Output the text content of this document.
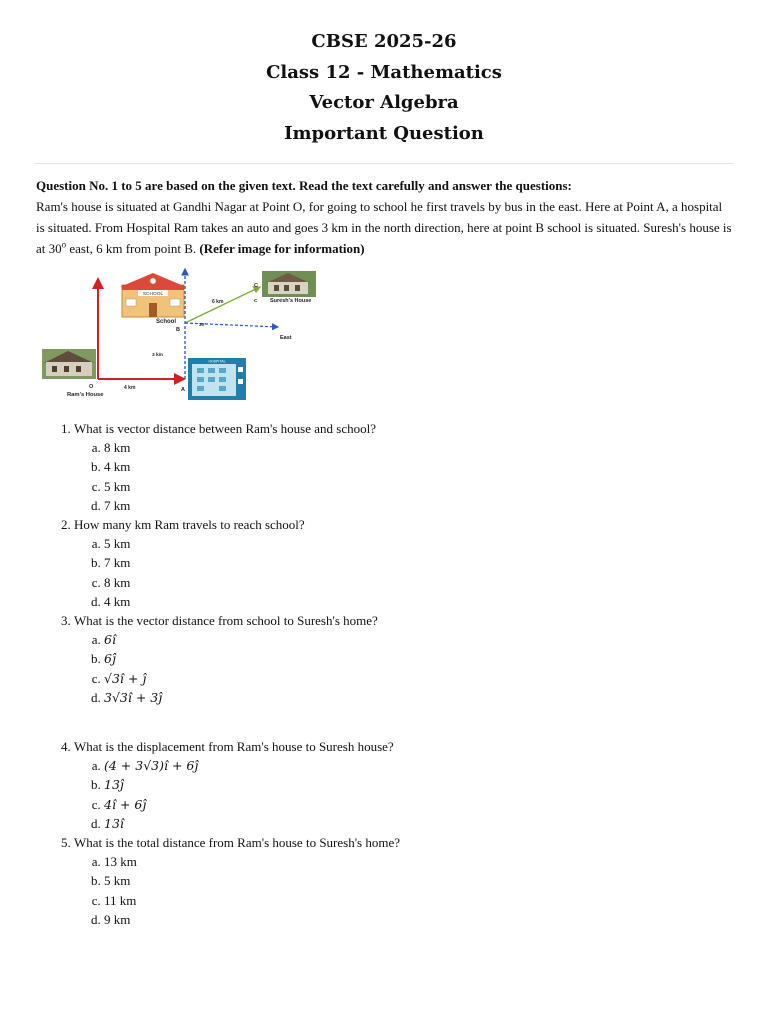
CBSE 2025-26
Class 12 - Mathematics
Vector Algebra
Important Question
Question No. 1 to 5 are based on the given text. Read the text carefully and answer the questions:
Ram's house is situated at Gandhi Nagar at Point O, for going to school he first travels by bus in the east. Here at Point A, a hospital is situated. From Hospital Ram takes an auto and goes 3 km in the north direction, here at point B school is situated. Suresh's house is at 30$^o$ east, 6 km from point B. (Refer image for information)
SCHOOL
HOSPITAL
School
B
C
C Suresh's House
6 km
30°
East
3 km
O
Ram's House
4 km	A
1. What is vector distance between Ram's house and school?
a. 8 km
b. 4 km
c. 5 km
d. 7 km
2. How many km Ram travels to reach school?
a. 5 km
b. 7 km
c. 8 km
d. 4 km
3. What is the vector distance from school to Suresh's home?
a. 6î
b. 6ĵ
c. √3î + ĵ
d. 3√3î + 3ĵ
4. What is the displacement from Ram's house to Suresh house?
a. (4 + 3√3)î + 6ĵ
b. 13ĵ
c. 4î + 6ĵ
d. 13î
5. What is the total distance from Ram's house to Suresh's home?
a. 13 km
b. 5 km
c. 11 km
d. 9 km
